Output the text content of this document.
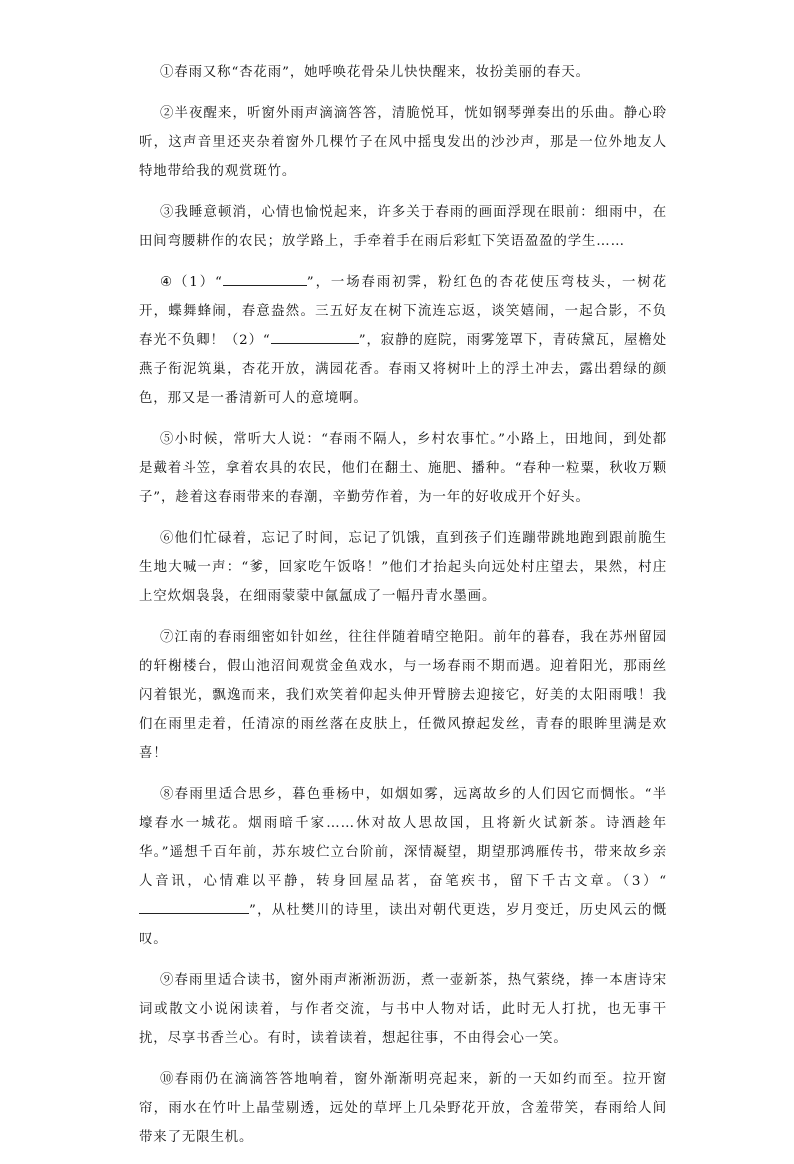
①春雨又称“杏花雨”，她呼唤花骨朵儿快快醒来，妆扮美丽的春天。

②半夜醒来，听窗外雨声滴滴答答，清脆悦耳，恍如钢琴弹奏出的乐曲。静心聆听，这声音里还夹杂着窗外几棵竹子在风中摇曳发出的沙沙声，那是一位外地友人特地带给我的观赏斑竹。

③我睡意顿消，心情也愉悦起来，许多关于春雨的画面浮现在眼前：细雨中，在田间弯腰耕作的农民；放学路上，手牵着手在雨后彩虹下笑语盈盈的学生……

④（1）“	”，一场春雨初霁，粉红色的杏花使压弯枝头，一树花开，蝶舞蜂闹，春意盎然。三五好友在树下流连忘返，谈笑嬉闹，一起合影，不负春光不负卿！（2）“	”，寂静的庭院，雨雾笼罩下，青砖黛瓦，屋檐处燕子衔泥筑巢，杏花开放，满园花香。春雨又将树叶上的浮土冲去，露出碧绿的颜色，那又是一番清新可人的意境啊。

⑤小时候，常听大人说：“春雨不隔人，乡村农事忙。”小路上，田地间，到处都是戴着斗笠，拿着农具的农民，他们在翻土、施肥、播种。“春种一粒粟，秋收万颗子”，趁着这春雨带来的春潮，辛勤劳作着，为一年的好收成开个好头。

⑥他们忙碌着，忘记了时间，忘记了饥饿，直到孩子们连蹦带跳地跑到跟前脆生生地大喊一声：“爹，回家吃午饭咯！”他们才抬起头向远处村庄望去，果然，村庄上空炊烟袅袅，在细雨蒙蒙中氤氲成了一幅丹青水墨画。

⑦江南的春雨细密如针如丝，往往伴随着晴空艳阳。前年的暮春，我在苏州留园的轩榭楼台，假山池沼间观赏金鱼戏水，与一场春雨不期而遇。迎着阳光，那雨丝闪着银光，飘逸而来，我们欢笑着仰起头伸开臂膀去迎接它，好美的太阳雨哦！我们在雨里走着，任清凉的雨丝落在皮肤上，任微风撩起发丝，青春的眼眸里满是欢喜！

⑧春雨里适合思乡，暮色垂杨中，如烟如雾，远离故乡的人们因它而惆怅。“半壕春水一城花。烟雨暗千家……休对故人思故国，且将新火试新茶。诗酒趁年华。”遥想千百年前，苏东坡伫立台阶前，深情凝望，期望那鸿雁传书，带来故乡亲人音讯，心情难以平静，转身回屋品茗，奋笔疾书，留下千古文章。（3）“”，从杜樊川的诗里，读出对朝代更迭，岁月变迁，历史风云的慨叹。

⑨春雨里适合读书，窗外雨声淅淅沥沥，煮一壶新茶，热气萦绕，捧一本唐诗宋词或散文小说闲读着，与作者交流，与书中人物对话，此时无人打扰，也无事干扰，尽享书香兰心。有时，读着读着，想起往事，不由得会心一笑。

⑩春雨仍在滴滴答答地响着，窗外渐渐明亮起来，新的一天如约而至。拉开窗帘，雨水在竹叶上晶莹剔透，远处的草坪上几朵野花开放，含羞带笑，春雨给人间带来了无限生机。
